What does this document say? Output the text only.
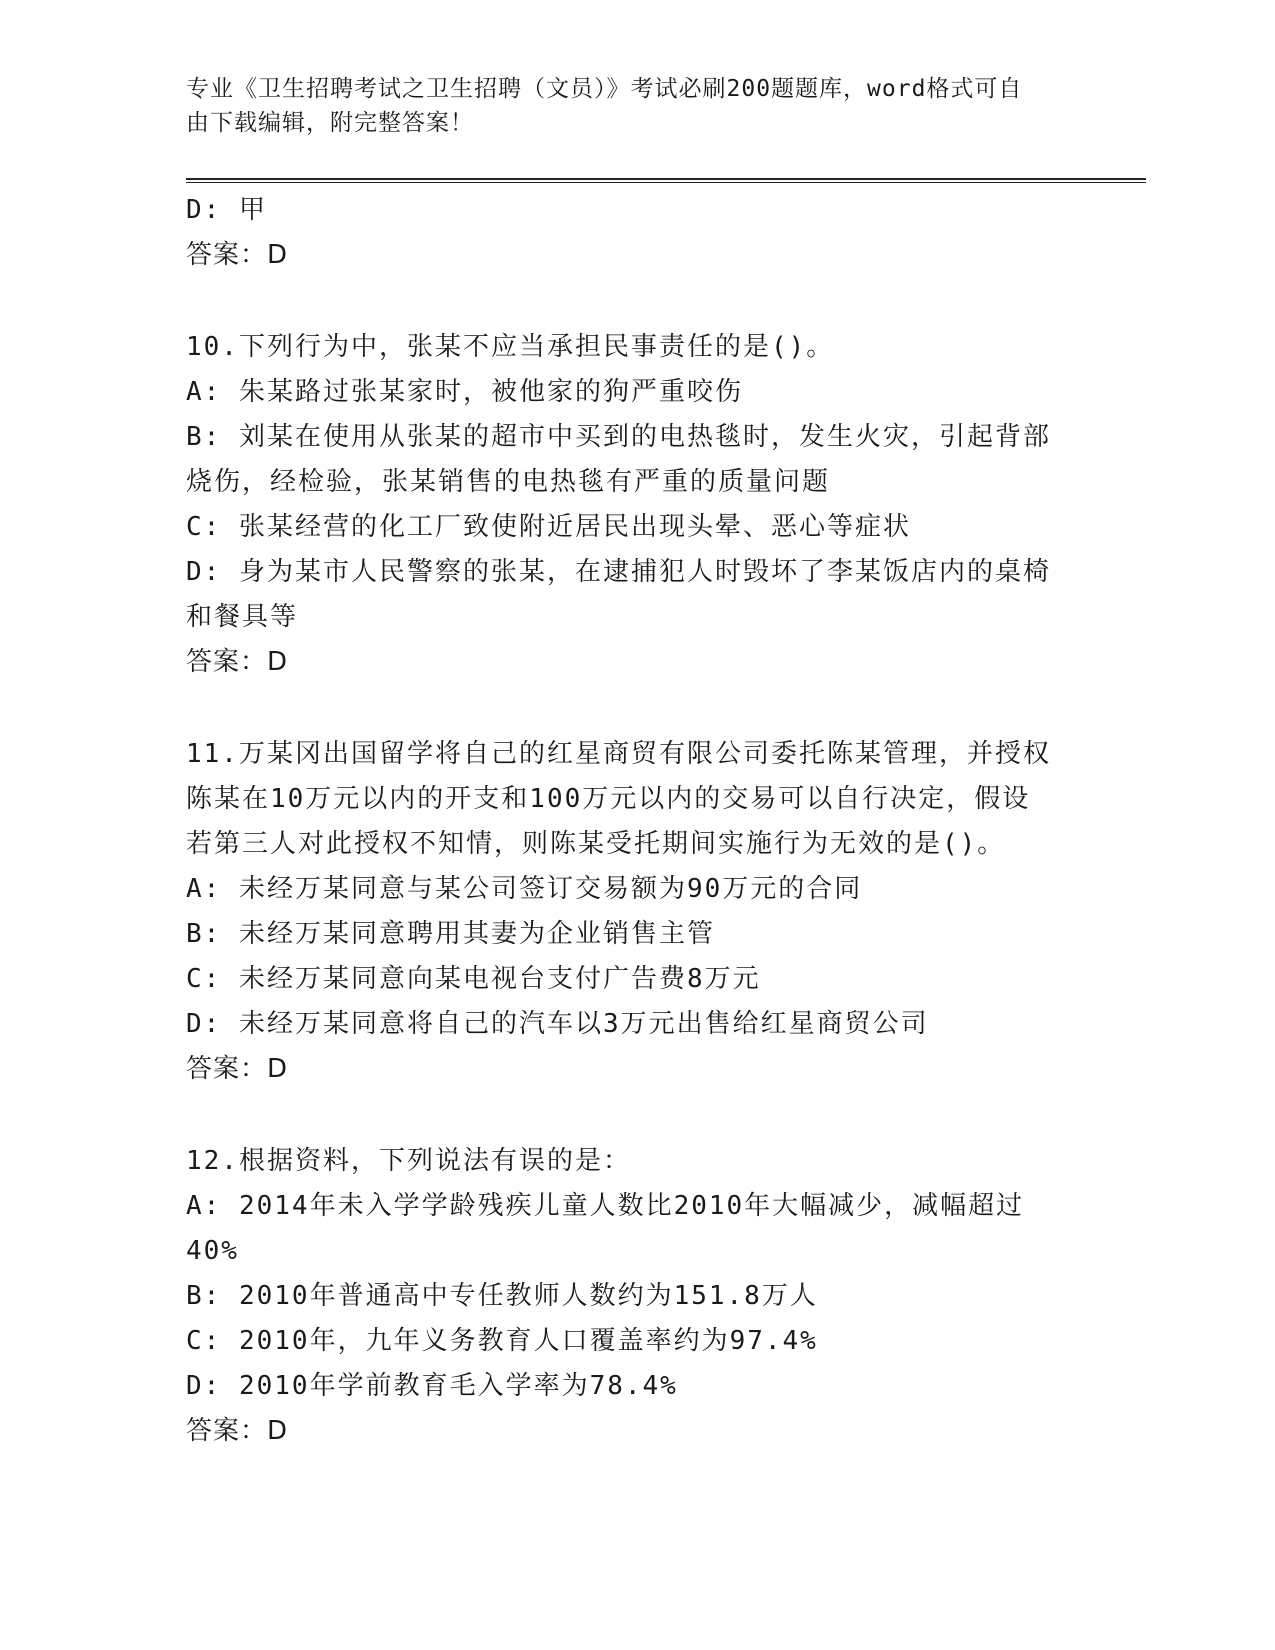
专业《卫生招聘考试之卫生招聘（文员）》考试必刷200题题库，word格式可自
由下载编辑，附完整答案！
D: 甲
答案：D
10.下列行为中，张某不应当承担民事责任的是()。
A: 朱某路过张某家时，被他家的狗严重咬伤
B: 刘某在使用从张某的超市中买到的电热毯时，发生火灾，引起背部
烧伤，经检验，张某销售的电热毯有严重的质量问题
C: 张某经营的化工厂致使附近居民出现头晕、恶心等症状
D: 身为某市人民警察的张某，在逮捕犯人时毁坏了李某饭店内的桌椅
和餐具等
答案：D
11.万某冈出国留学将自己的红星商贸有限公司委托陈某管理，并授权
陈某在10万元以内的开支和100万元以内的交易可以自行决定，假设
若第三人对此授权不知情，则陈某受托期间实施行为无效的是()。
A: 未经万某同意与某公司签订交易额为90万元的合同
B: 未经万某同意聘用其妻为企业销售主管
C: 未经万某同意向某电视台支付广告费8万元
D: 未经万某同意将自己的汽车以3万元出售给红星商贸公司
答案：D
12.根据资料，下列说法有误的是：
A: 2014年未入学学龄残疾儿童人数比2010年大幅减少，减幅超过
40%
B: 2010年普通高中专任教师人数约为151.8万人
C: 2010年，九年义务教育人口覆盖率约为97.4%
D: 2010年学前教育毛入学率为78.4%
答案：D
